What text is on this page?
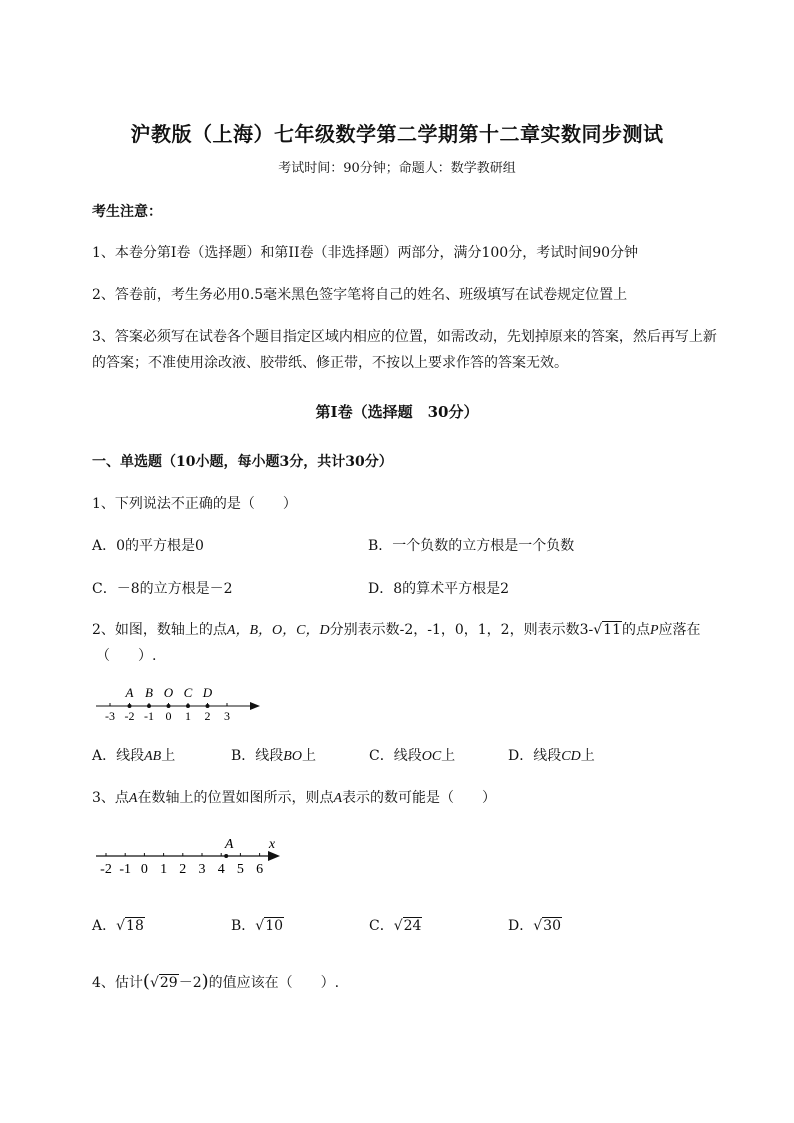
沪教版（上海）七年级数学第二学期第十二章实数同步测试
考试时间：90分钟；命题人：数学教研组
考生注意：
1、本卷分第I卷（选择题）和第II卷（非选择题）两部分，满分100分，考试时间90分钟
2、答卷前，考生务必用0.5毫米黑色签字笔将自己的姓名、班级填写在试卷规定位置上
3、答案必须写在试卷各个题目指定区域内相应的位置，如需改动，先划掉原来的答案，然后再写上新
的答案；不准使用涂改液、胶带纸、修正带，不按以上要求作答的答案无效。
第I卷（选择题　30分）
一、单选题（10小题，每小题3分，共计30分）
1、下列说法不正确的是（　　）
A．0的平方根是0	B．一个负数的立方根是一个负数
C．－8的立方根是－2	D．8的算术平方根是2
2、如图，数轴上的点A，B，O，C，D分别表示数-2，-1，0，1，2，则表示数3-√11的点P应落在
（　　）.
-3 -2 -1 0 1 2 3
A B O C D
A．线段AB上	B．线段BO上	C．线段OC上	D．线段CD上
3、点A在数轴上的位置如图所示，则点A表示的数可能是（　　）
-2 -1 0 1 2 3 4 5 6
A	x
A．√18	B．√10	C．√24	D．√30
4、估计(√29－2)的值应该在（　　）.
